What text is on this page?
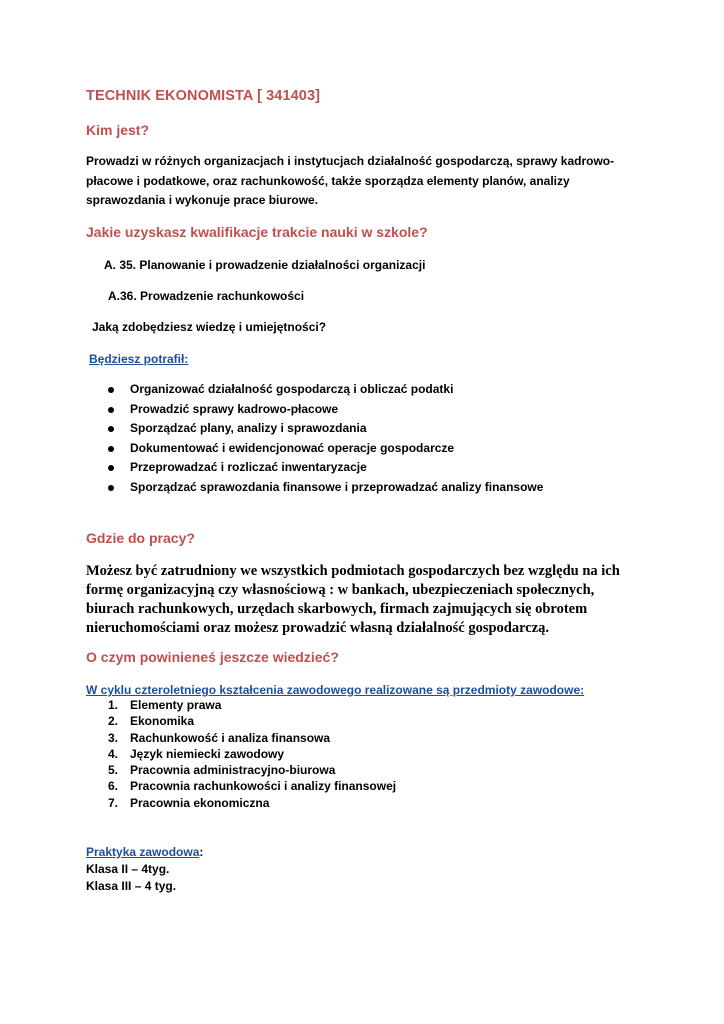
TECHNIK EKONOMISTA [ 341403]
Kim jest?
Prowadzi w różnych organizacjach i instytucjach działalność gospodarczą, sprawy kadrowo-płacowe i podatkowe, oraz rachunkowość, także sporządza elementy planów, analizy sprawozdania i wykonuje prace biurowe.
Jakie uzyskasz kwalifikacje trakcie nauki w szkole?
A. 35. Planowanie i prowadzenie działalności organizacji
A.36. Prowadzenie rachunkowości
Jaką zdobędziesz wiedzę i umiejętności?
Będziesz potrafił:
Organizować działalność gospodarczą i obliczać podatki
Prowadzić sprawy kadrowo-płacowe
Sporządzać plany, analizy i sprawozdania
Dokumentować i ewidencjonować operacje gospodarcze
Przeprowadzać i rozliczać inwentaryzacje
Sporządzać sprawozdania finansowe i przeprowadzać analizy finansowe
Gdzie do pracy?
Możesz być zatrudniony we wszystkich podmiotach gospodarczych bez względu na ich formę organizacyjną czy własnościową : w bankach, ubezpieczeniach społecznych, biurach rachunkowych, urzędach skarbowych, firmach zajmujących się obrotem nieruchomościami oraz możesz prowadzić własną działalność gospodarczą.
O czym powinieneś jeszcze wiedzieć?
W cyklu czteroletniego kształcenia zawodowego realizowane są przedmioty zawodowe:
1. Elementy prawa
2. Ekonomika
3. Rachunkowość i analiza finansowa
4. Język niemiecki zawodowy
5. Pracownia administracyjno-biurowa
6. Pracownia rachunkowości i analizy finansowej
7. Pracownia ekonomiczna
Praktyka zawodowa:
Klasa II – 4tyg.
Klasa III – 4 tyg.
